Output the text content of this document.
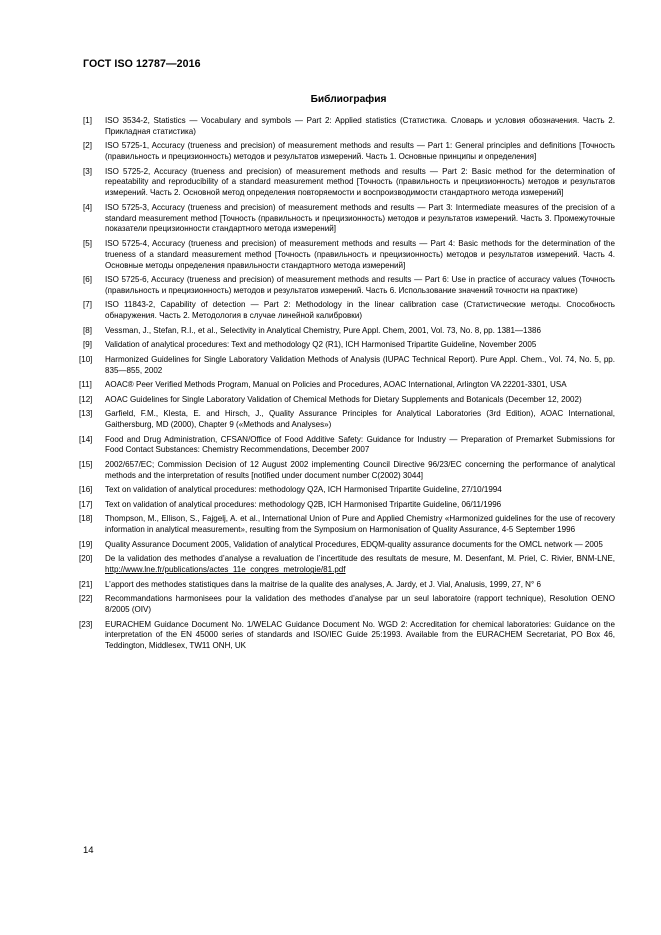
ГОСТ ISO 12787—2016
Библиография
[1]	ISO 3534-2, Statistics — Vocabulary and symbols — Part 2: Applied statistics (Статистика. Словарь и условия обозначения. Часть 2. Прикладная статистика)
[2]	ISO 5725-1, Accuracy (trueness and precision) of measurement methods and results — Part 1: General principles and definitions [Точность (правильность и прецизионность) методов и результатов измерений. Часть 1. Основные принципы и определения]
[3]	ISO 5725-2, Accuracy (trueness and precision) of measurement methods and results — Part 2: Basic method for the determination of repeatability and reproducibility of a standard measurement method [Точность (правильность и прецизионность) методов и результатов измерений. Часть 2. Основной метод определения повторяемости и воспроизводимости стандартного метода измерений]
[4]	ISO 5725-3, Accuracy (trueness and precision) of measurement methods and results — Part 3: Intermediate measures of the precision of a standard measurement method [Точность (правильность и прецизионность) методов и результатов измерений. Часть 3. Промежуточные показатели прецизионности стандартного метода измерений]
[5]	ISO 5725-4, Accuracy (trueness and precision) of measurement methods and results — Part 4: Basic methods for the determination of the trueness of a standard measurement method [Точность (правильность и прецизионность) методов и результатов измерений. Часть 4. Основные методы определения правильности стандартного метода измерений]
[6]	ISO 5725-6, Accuracy (trueness and precision) of measurement methods and results — Part 6: Use in practice of accuracy values (Точность (правильность и прецизионность) методов и результатов измерений. Часть 6. Использование значений точности на практике)
[7]	ISO 11843-2, Capability of detection — Part 2: Methodology in the linear calibration case (Статистические методы. Способность обнаружения. Часть 2. Методология в случае линейной калибровки)
[8]	Vessman, J., Stefan, R.I., et al., Selectivity in Analytical Chemistry, Pure Appl. Chem, 2001, Vol. 73, No. 8, pp. 1381—1386
[9]	Validation of analytical procedures: Text and methodology Q2 (R1), ICH Harmonised Tripartite Guideline, November 2005
[10]	Harmonized Guidelines for Single Laboratory Validation Methods of Analysis (IUPAC Technical Report). Pure Appl. Chem., Vol. 74, No. 5, pp. 835—855, 2002
[11]	AOAC® Peer Verified Methods Program, Manual on Policies and Procedures, AOAC International, Arlington VA 22201-3301, USA
[12]	AOAC Guidelines for Single Laboratory Validation of Chemical Methods for Dietary Supplements and Botanicals (December 12, 2002)
[13]	Garfield, F.M., Klesta, E. and Hirsch, J., Quality Assurance Principles for Analytical Laboratories (3rd Edition), AOAC International, Gaithersburg, MD (2000), Chapter 9 («Methods and Analyses»)
[14]	Food and Drug Administration, CFSAN/Office of Food Additive Safety: Guidance for Industry — Preparation of Premarket Submissions for Food Contact Substances: Chemistry Recommendations, December 2007
[15]	2002/657/EC; Commission Decision of 12 August 2002 implementing Council Directive 96/23/EC concerning the performance of analytical methods and the interpretation of results [notified under document number C(2002) 3044]
[16]	Text on validation of analytical procedures: methodology Q2A, ICH Harmonised Tripartite Guideline, 27/10/1994
[17]	Text on validation of analytical procedures: methodology Q2B, ICH Harmonised Tripartite Guideline, 06/11/1996
[18]	Thompson, M., Ellison, S., Fajgelj, A. et al., International Union of Pure and Applied Chemistry «Harmonized guidelines for the use of recovery information in analytical measurement», resulting from the Symposium on Harmonisation of Quality Assurance, 4-5 September 1996
[19]	Quality Assurance Document 2005, Validation of analytical Procedures, EDQM-quality assurance documents for the OMCL network — 2005
[20]	De la validation des methodes d’analyse a revaluation de l’incertitude des resultats de mesure, M. Desenfant, M. Priel, C. Rivier, BNM-LNE, http://www.lne.fr/publications/actes_11e_congres_metrologie/81.pdf
[21]	L’apport des methodes statistiques dans la maitrise de la qualite des analyses, A. Jardy, et J. Vial, Analusis, 1999, 27, N° 6
[22]	Recommandations harmonisees pour la validation des methodes d’analyse par un seul laboratoire (rapport technique), Resolution OENO 8/2005 (OIV)
[23]	EURACHEM Guidance Document No. 1/WELAC Guidance Document No. WGD 2: Accreditation for chemical laboratories: Guidance on the interpretation of the EN 45000 series of standards and ISO/IEC Guide 25:1993. Available from the EURACHEM Secretariat, PO Box 46, Teddington, Middlesex, TW11 ONH, UK
14
